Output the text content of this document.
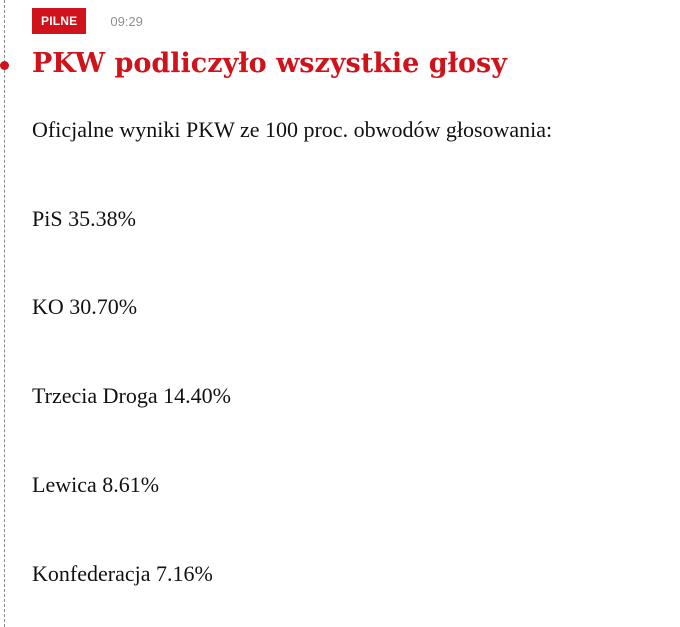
PILNE	09:29
PKW podliczyło wszystkie głosy

Oficjalne wyniki PKW ze 100 proc. obwodów głosowania:

PiS 35.38%

KO 30.70%

Trzecia Droga 14.40%

Lewica 8.61%

Konfederacja 7.16%
